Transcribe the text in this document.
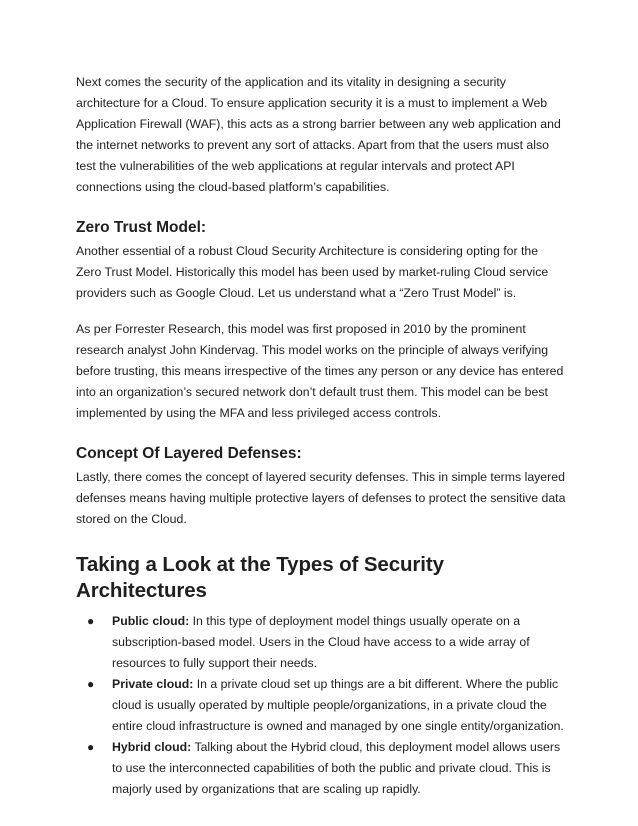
Next comes the security of the application and its vitality in designing a security architecture for a Cloud. To ensure application security it is a must to implement a Web Application Firewall (WAF), this acts as a strong barrier between any web application and the internet networks to prevent any sort of attacks. Apart from that the users must also test the vulnerabilities of the web applications at regular intervals and protect API connections using the cloud-based platform’s capabilities.

Zero Trust Model:

Another essential of a robust Cloud Security Architecture is considering opting for the Zero Trust Model. Historically this model has been used by market-ruling Cloud service providers such as Google Cloud. Let us understand what a “Zero Trust Model” is.

As per Forrester Research, this model was first proposed in 2010 by the prominent research analyst John Kindervag. This model works on the principle of always verifying before trusting, this means irrespective of the times any person or any device has entered into an organization’s secured network don’t default trust them. This model can be best implemented by using the MFA and less privileged access controls.

Concept Of Layered Defenses:

Lastly, there comes the concept of layered security defenses. This in simple terms layered defenses means having multiple protective layers of defenses to protect the sensitive data stored on the Cloud.

Taking a Look at the Types of Security Architectures
● Public cloud: In this type of deployment model things usually operate on a subscription-based model. Users in the Cloud have access to a wide array of resources to fully support their needs.
● Private cloud: In a private cloud set up things are a bit different. Where the public cloud is usually operated by multiple people/organizations, in a private cloud the entire cloud infrastructure is owned and managed by one single entity/organization.
● Hybrid cloud: Talking about the Hybrid cloud, this deployment model allows users to use the interconnected capabilities of both the public and private cloud. This is majorly used by organizations that are scaling up rapidly.
